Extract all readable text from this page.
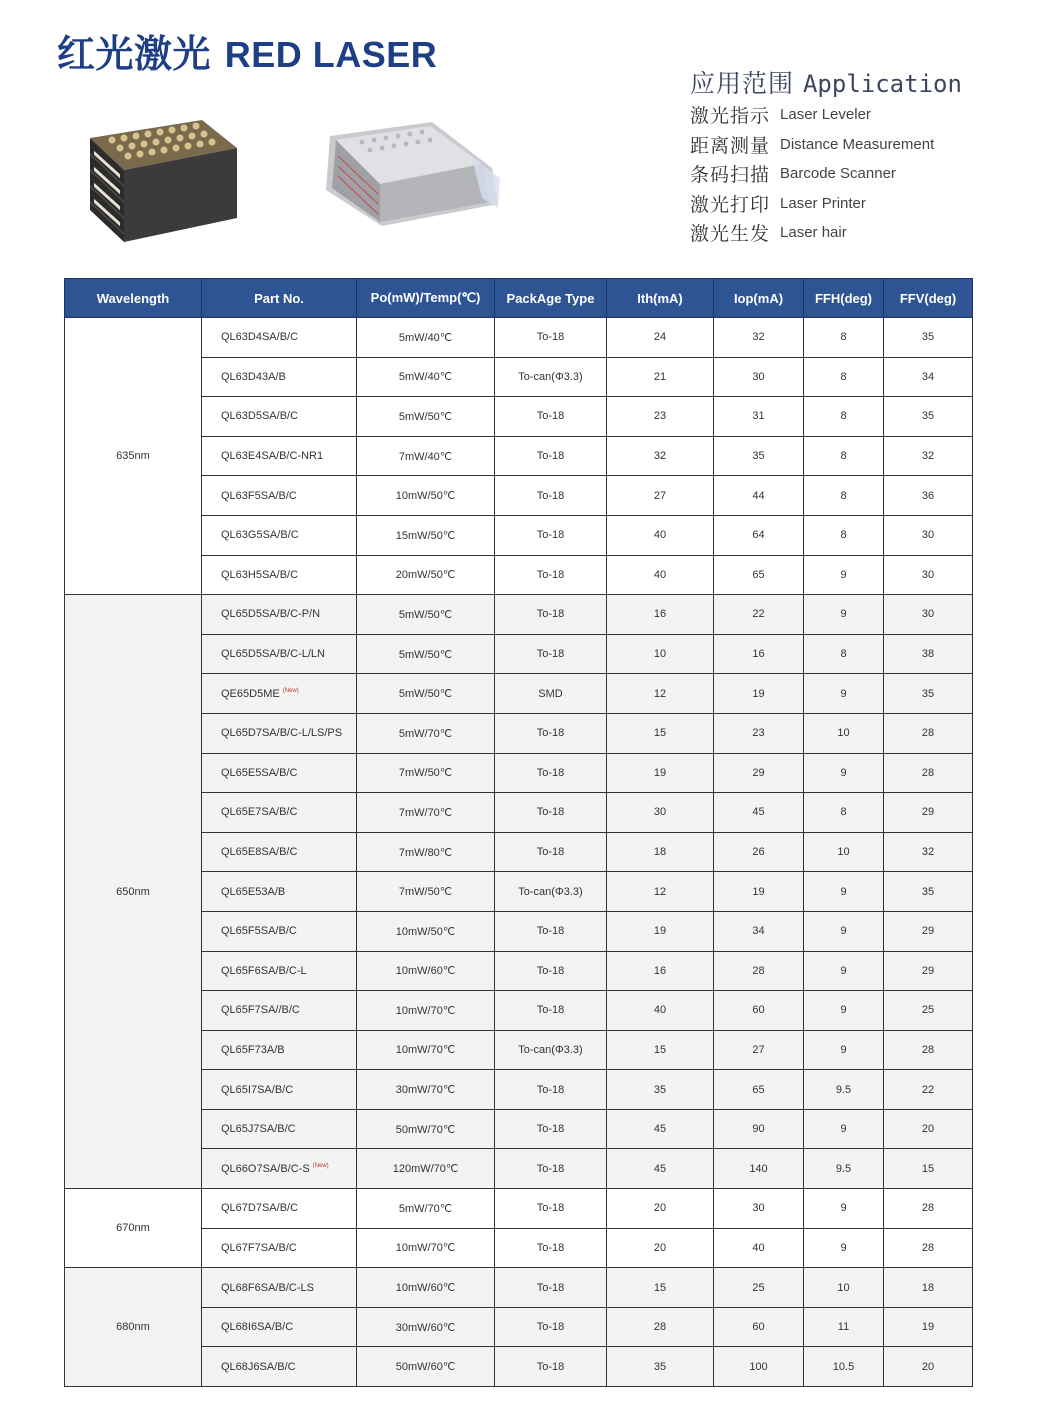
红光激光 RED LASER
应用范围 Application
激光指示 Laser Leveler
距离测量 Distance Measurement
条码扫描 Barcode Scanner
激光打印 Laser Printer
激光生发 Laser hair
Wavelength	Part No.	Po(mW)/Temp(℃)	PackAge Type	Ith(mA)	Iop(mA)	FFH(deg)	FFV(deg)
635nm	QL63D4SA/B/C	5mW/40℃	To-18	24	32	8	35
	QL63D43A/B	5mW/40℃	To-can(Φ3.3)	21	30	8	34
	QL63D5SA/B/C	5mW/50℃	To-18	23	31	8	35
	QL63E4SA/B/C-NR1	7mW/40℃	To-18	32	35	8	32
	QL63F5SA/B/C	10mW/50℃	To-18	27	44	8	36
	QL63G5SA/B/C	15mW/50℃	To-18	40	64	8	30
	QL63H5SA/B/C	20mW/50℃	To-18	40	65	9	30
650nm	QL65D5SA/B/C-P/N	5mW/50℃	To-18	16	22	9	30
	QL65D5SA/B/C-L/LN	5mW/50℃	To-18	10	16	8	38
	QE65D5ME $^{(New)}$	5mW/50℃	SMD	12	19	9	35
	QL65D7SA/B/C-L/LS/PS	5mW/70℃	To-18	15	23	10	28
	QL65E5SA/B/C	7mW/50℃	To-18	19	29	9	28
	QL65E7SA/B/C	7mW/70℃	To-18	30	45	8	29
	QL65E8SA/B/C	7mW/80℃	To-18	18	26	10	32
	QL65E53A/B	7mW/50℃	To-can(Φ3.3)	12	19	9	35
	QL65F5SA/B/C	10mW/50℃	To-18	19	34	9	29
	QL65F6SA/B/C-L	10mW/60℃	To-18	16	28	9	29
	QL65F7SA//B/C	10mW/70℃	To-18	40	60	9	25
	QL65F73A/B	10mW/70℃	To-can(Φ3.3)	15	27	9	28
	QL65I7SA/B/C	30mW/70℃	To-18	35	65	9.5	22
	QL65J7SA/B/C	50mW/70℃	To-18	45	90	9	20
	QL66O7SA/B/C-S $^{(New)}$	120mW/70℃	To-18	45	140	9.5	15
670nm	QL67D7SA/B/C	5mW/70℃	To-18	20	30	9	28
	QL67F7SA/B/C	10mW/70℃	To-18	20	40	9	28
680nm	QL68F6SA/B/C-LS	10mW/60℃	To-18	15	25	10	18
	QL68I6SA/B/C	30mW/60℃	To-18	28	60	11	19
	QL68J6SA/B/C	50mW/60℃	To-18	35	100	10.5	20
